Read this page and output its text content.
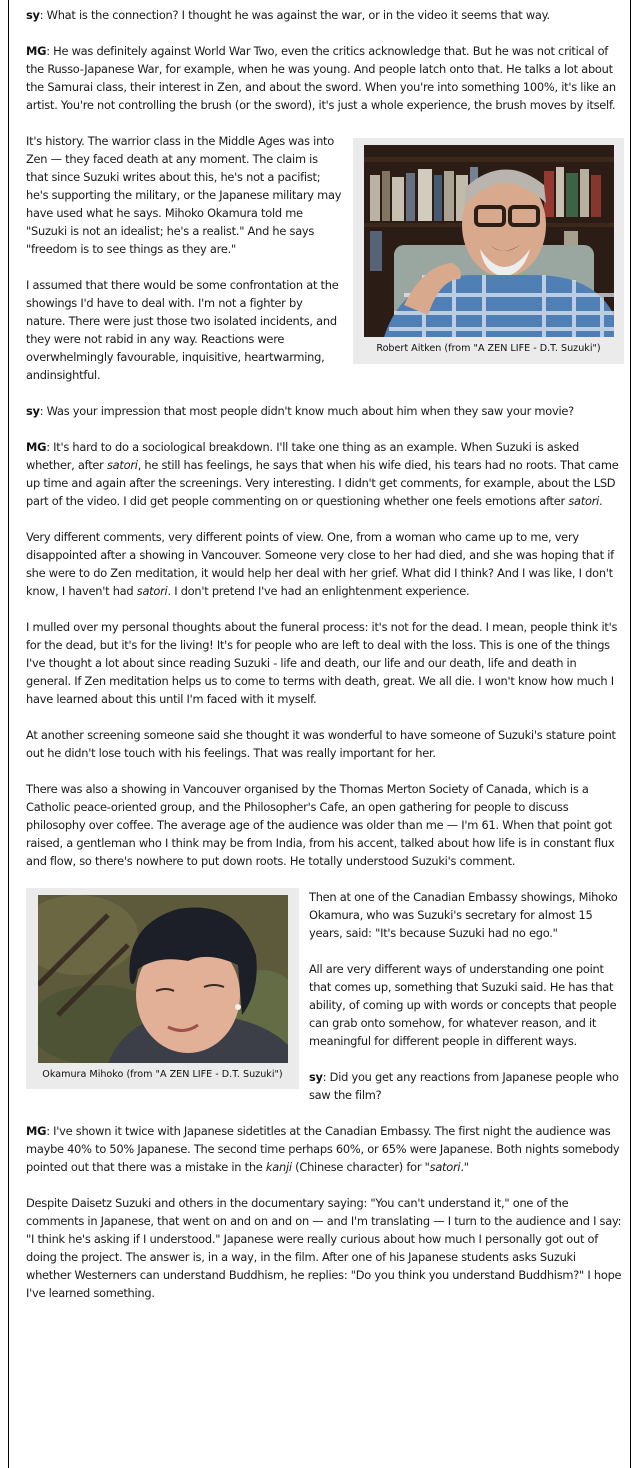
sy: What is the connection? I thought he was against the war, or in the video it seems that way.

MG: He was definitely against World War Two, even the critics acknowledge that. But he was not critical of the Russo-Japanese War, for example, when he was young. And people latch onto that. He talks a lot about the Samurai class, their interest in Zen, and about the sword. When you're into something 100%, it's like an artist. You're not controlling the brush (or the sword), it's just a whole experience, the brush moves by itself.

Robert Aitken (from "A ZEN LIFE - D.T. Suzuki")

It's history. The warrior class in the Middle Ages was into Zen — they faced death at any moment. The claim is that since Suzuki writes about this, he's not a pacifist; he's supporting the military, or the Japanese military may have used what he says. Mihoko Okamura told me "Suzuki is not an idealist; he's a realist." And he says "freedom is to see things as they are."

I assumed that there would be some confrontation at the showings I'd have to deal with. I'm not a fighter by nature. There were just those two isolated incidents, and they were not rabid in any way. Reactions were overwhelmingly favourable, inquisitive, heartwarming, andinsightful.

sy: Was your impression that most people didn't know much about him when they saw your movie?

MG: It's hard to do a sociological breakdown. I'll take one thing as an example. When Suzuki is asked whether, after satori, he still has feelings, he says that when his wife died, his tears had no roots. That came up time and again after the screenings. Very interesting. I didn't get comments, for example, about the LSD part of the video. I did get people commenting on or questioning whether one feels emotions after satori.

Very different comments, very different points of view. One, from a woman who came up to me, very disappointed after a showing in Vancouver. Someone very close to her had died, and she was hoping that if she were to do Zen meditation, it would help her deal with her grief. What did I think? And I was like, I don't know, I haven't had satori. I don't pretend I've had an enlightenment experience.

I mulled over my personal thoughts about the funeral process: it's not for the dead. I mean, people think it's for the dead, but it's for the living! It's for people who are left to deal with the loss. This is one of the things I've thought a lot about since reading Suzuki - life and death, our life and our death, life and death in general. If Zen meditation helps us to come to terms with death, great. We all die. I won't know how much I have learned about this until I'm faced with it myself.

At another screening someone said she thought it was wonderful to have someone of Suzuki's stature point out he didn't lose touch with his feelings. That was really important for her.

There was also a showing in Vancouver organised by the Thomas Merton Society of Canada, which is a Catholic peace-oriented group, and the Philosopher's Cafe, an open gathering for people to discuss philosophy over coffee. The average age of the audience was older than me — I'm 61. When that point got raised, a gentleman who I think may be from India, from his accent, talked about how life is in constant flux and flow, so there's nowhere to put down roots. He totally understood Suzuki's comment.

Okamura Mihoko (from "A ZEN LIFE - D.T. Suzuki")

Then at one of the Canadian Embassy showings, Mihoko Okamura, who was Suzuki's secretary for almost 15 years, said: "It's because Suzuki had no ego."

All are very different ways of understanding one point that comes up, something that Suzuki said. He has that ability, of coming up with words or concepts that people can grab onto somehow, for whatever reason, and it meaningful for different people in different ways.

sy: Did you get any reactions from Japanese people who saw the film?

MG: I've shown it twice with Japanese sidetitles at the Canadian Embassy. The first night the audience was maybe 40% to 50% Japanese. The second time perhaps 60%, or 65% were Japanese. Both nights somebody pointed out that there was a mistake in the kanji (Chinese character) for "satori."

Despite Daisetz Suzuki and others in the documentary saying: "You can't understand it," one of the comments in Japanese, that went on and on and on — and I'm translating — I turn to the audience and I say: "I think he's asking if I understood." Japanese were really curious about how much I personally got out of doing the project. The answer is, in a way, in the film. After one of his Japanese students asks Suzuki whether Westerners can understand Buddhism, he replies: "Do you think you understand Buddhism?" I hope I've learned something.
